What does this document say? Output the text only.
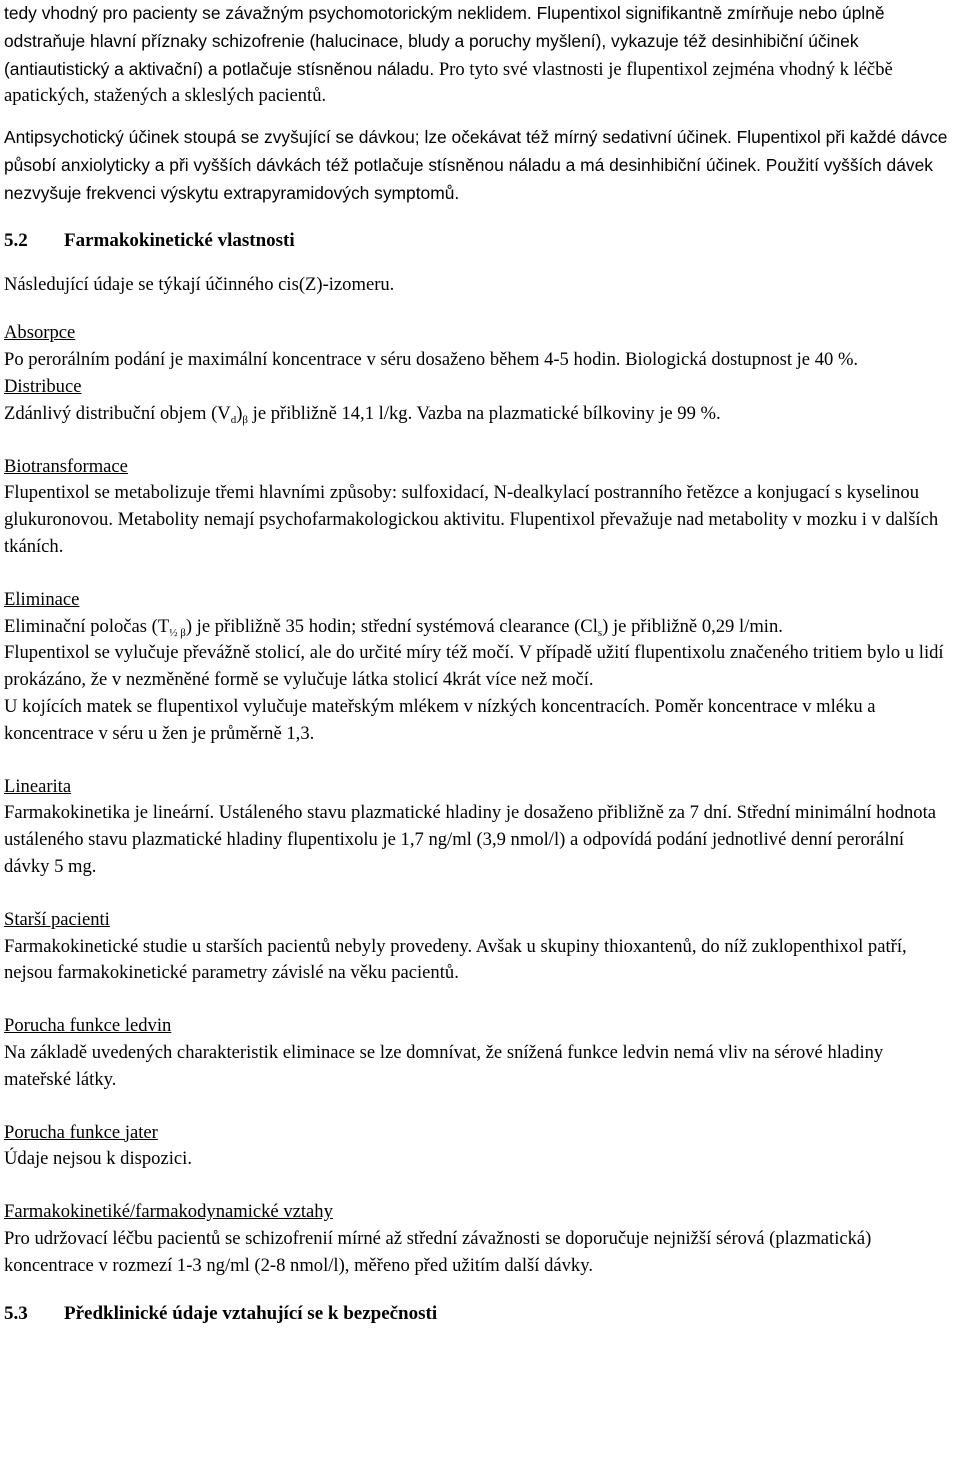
tedy vhodný pro pacienty se závažným psychomotorickým neklidem. Flupentixol signifikantně zmírňuje nebo úplně odstraňuje hlavní příznaky schizofrenie (halucinace, bludy a poruchy myšlení), vykazuje též desinhibiční účinek (antiautistický a aktivační) a potlačuje stísněnou náladu. Pro tyto své vlastnosti je flupentixol zejména vhodný k léčbě apatických, stažených a skleslých pacientů.

Antipsychotický účinek stoupá se zvyšující se dávkou; lze očekávat též mírný sedativní účinek. Flupentixol při každé dávce působí anxiolyticky a při vyšších dávkách též potlačuje stísněnou náladu a má desinhibiční účinek. Použití vyšších dávek nezvyšuje frekvenci výskytu extrapyramidových symptomů.

5.2 Farmakokinetické vlastnosti

Následující údaje se týkají účinného cis(Z)-izomeru.

Absorpce

Po perorálním podání je maximální koncentrace v séru dosaženo během 4-5 hodin. Biologická dostupnost je 40 %.

Distribuce

Zdánlivý distribuční objem $(V_d)_\beta$ je přibližně 14,1 l/kg. Vazba na plazmatické bílkoviny je 99 %.

Biotransformace

Flupentixol se metabolizuje třemi hlavními způsoby: sulfoxidací, N-dealkylací postranního řetězce a konjugací s kyselinou glukuronovou. Metabolity nemají psychofarmakologickou aktivitu. Flupentixol převažuje nad metabolity v mozku i v dalších tkáních.

Eliminace

Eliminační poločas $(T_{\frac{1}{2} \beta})$ je přibližně 35 hodin; střední systémová clearance $(Cl_s)$ je přibližně 0,29 l/min.

Flupentixol se vylučuje převážně stolicí, ale do určité míry též močí. V případě užití flupentixolu značeného tritiem bylo u lidí prokázáno, že v nezměněné formě se vylučuje látka stolicí 4krát více než močí.

U kojících matek se flupentixol vylučuje mateřským mlékem v nízkých koncentracích. Poměr koncentrace v mléku a koncentrace v séru u žen je průměrně 1,3.

Linearita

Farmakokinetika je lineární. Ustáleného stavu plazmatické hladiny je dosaženo přibližně za 7 dní. Střední minimální hodnota ustáleného stavu plazmatické hladiny flupentixolu je 1,7 ng/ml (3,9 nmol/l) a odpovídá podání jednotlivé denní perorální dávky 5 mg.

Starší pacienti

Farmakokinetické studie u starších pacientů nebyly provedeny. Avšak u skupiny thioxantenů, do níž zuklopenthixol patří, nejsou farmakokinetické parametry závislé na věku pacientů.

Porucha funkce ledvin

Na základě uvedených charakteristik eliminace se lze domnívat, že snížená funkce ledvin nemá vliv na sérové hladiny mateřské látky.

Porucha funkce jater

Údaje nejsou k dispozici.

Farmakokinetiké/farmakodynamické vztahy

Pro udržovací léčbu pacientů se schizofrenií mírné až střední závažnosti se doporučuje nejnižší sérová (plazmatická) koncentrace v rozmezí 1-3 ng/ml (2-8 nmol/l), měřeno před užitím další dávky.

5.3 Předklinické údaje vztahující se k bezpečnosti
